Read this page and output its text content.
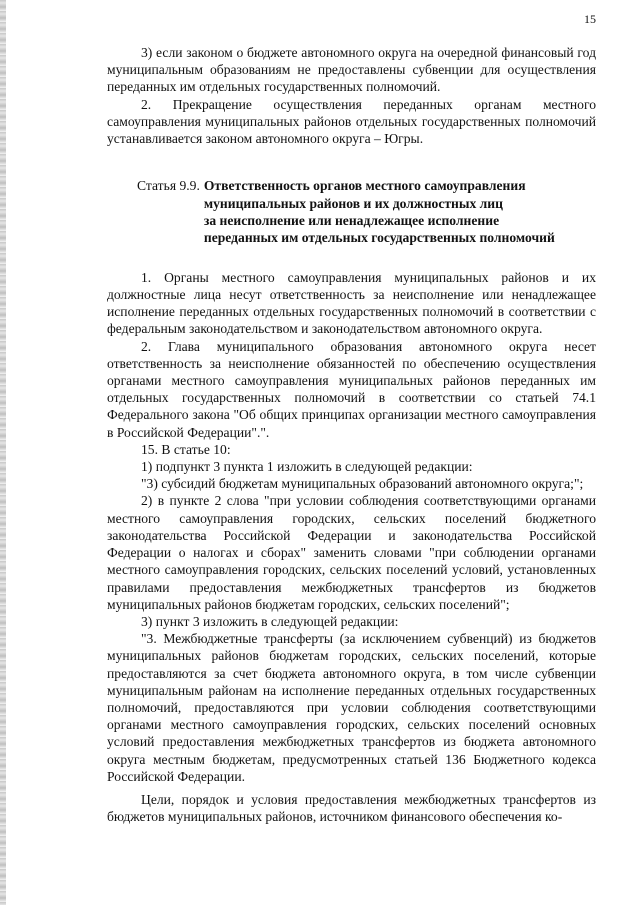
15

3) если законом о бюджете автономного округа на очередной финансовый год муниципальным образованиям не предоставлены субвенции для осуществления переданных им отдельных государственных полномочий.

2. Прекращение осуществления переданных органам местного самоуправления муниципальных районов отдельных государственных полномочий устанавливается законом автономного округа – Югры.

Статья 9.9. Ответственность органов местного самоуправления
муниципальных районов и их должностных лиц
за неисполнение или ненадлежащее исполнение
переданных им отдельных государственных полномочий

1. Органы местного самоуправления муниципальных районов и их должностные лица несут ответственность за неисполнение или ненадлежащее исполнение переданных отдельных государственных полномочий в соответствии с федеральным законодательством и законодательством автономного округа.

2. Глава муниципального образования автономного округа несет ответственность за неисполнение обязанностей по обеспечению осуществления органами местного самоуправления муниципальных районов переданных им отдельных государственных полномочий в соответствии со статьей 74.1 Федерального закона "Об общих принципах организации местного самоуправления в Российской Федерации".".

15. В статье 10:

1) подпункт 3 пункта 1 изложить в следующей редакции:

"3) субсидий бюджетам муниципальных образований автономного округа;";

2) в пункте 2 слова "при условии соблюдения соответствующими органами местного самоуправления городских, сельских поселений бюджетного законодательства Российской Федерации и законодательства Российской Федерации о налогах и сборах" заменить словами "при соблюдении органами местного самоуправления городских, сельских поселений условий, установленных правилами предоставления межбюджетных трансфертов из бюджетов муниципальных районов бюджетам городских, сельских поселений";

3) пункт 3 изложить в следующей редакции:

"3. Межбюджетные трансферты (за исключением субвенций) из бюджетов муниципальных районов бюджетам городских, сельских поселений, которые предоставляются за счет бюджета автономного округа, в том числе субвенции муниципальным районам на исполнение переданных отдельных государственных полномочий, предоставляются при условии соблюдения соответствующими органами местного самоуправления городских, сельских поселений основных условий предоставления межбюджетных трансфертов из бюджета автономного округа местным бюджетам, предусмотренных статьей 136 Бюджетного кодекса Российской Федерации.

Цели, порядок и условия предоставления межбюджетных трансфертов из бюджетов муниципальных районов, источником финансового обеспечения ко-
